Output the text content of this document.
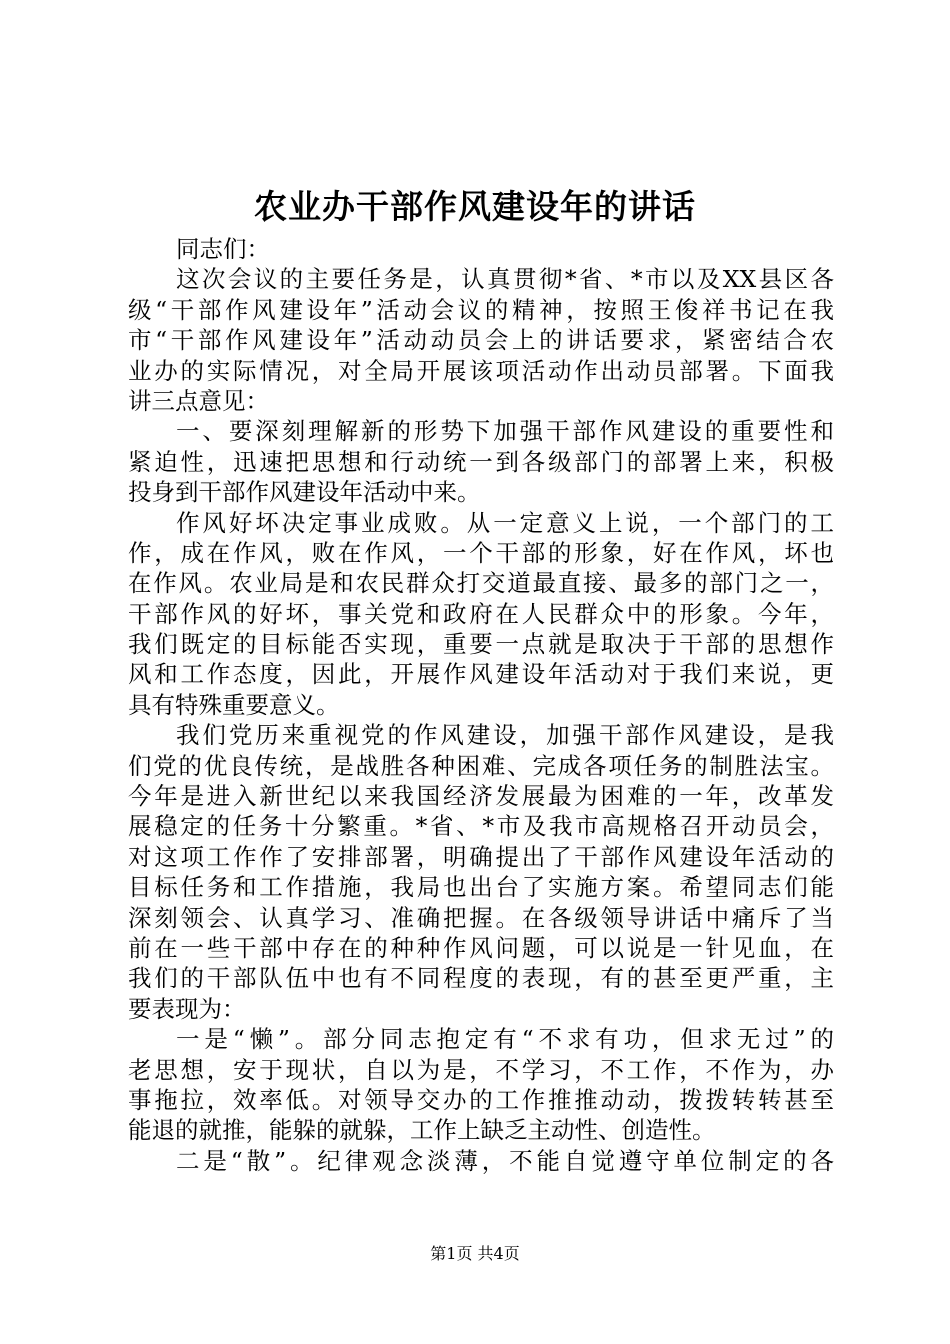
农业办干部作风建设年的讲话
同志们：
这次会议的主要任务是，认真贯彻*省、*市以及XX县区各
级“干部作风建设年”活动会议的精神，按照王俊祥书记在我
市“干部作风建设年”活动动员会上的讲话要求，紧密结合农
业办的实际情况，对全局开展该项活动作出动员部署。下面我
讲三点意见：
一、要深刻理解新的形势下加强干部作风建设的重要性和
紧迫性，迅速把思想和行动统一到各级部门的部署上来，积极
投身到干部作风建设年活动中来。
作风好坏决定事业成败。从一定意义上说，一个部门的工
作，成在作风，败在作风，一个干部的形象，好在作风，坏也
在作风。农业局是和农民群众打交道最直接、最多的部门之一，
干部作风的好坏，事关党和政府在人民群众中的形象。今年，
我们既定的目标能否实现，重要一点就是取决于干部的思想作
风和工作态度，因此，开展作风建设年活动对于我们来说，更
具有特殊重要意义。
我们党历来重视党的作风建设，加强干部作风建设，是我
们党的优良传统，是战胜各种困难、完成各项任务的制胜法宝。
今年是进入新世纪以来我国经济发展最为困难的一年，改革发
展稳定的任务十分繁重。*省、*市及我市高规格召开动员会，
对这项工作作了安排部署，明确提出了干部作风建设年活动的
目标任务和工作措施，我局也出台了实施方案。希望同志们能
深刻领会、认真学习、准确把握。在各级领导讲话中痛斥了当
前在一些干部中存在的种种作风问题，可以说是一针见血，在
我们的干部队伍中也有不同程度的表现，有的甚至更严重，主
要表现为：
一是“懒”。部分同志抱定有“不求有功，但求无过”的
老思想，安于现状，自以为是，不学习，不工作，不作为，办
事拖拉，效率低。对领导交办的工作推推动动，拨拨转转甚至
能退的就推，能躲的就躲，工作上缺乏主动性、创造性。
二是“散”。纪律观念淡薄，不能自觉遵守单位制定的各
第1页 共4页
